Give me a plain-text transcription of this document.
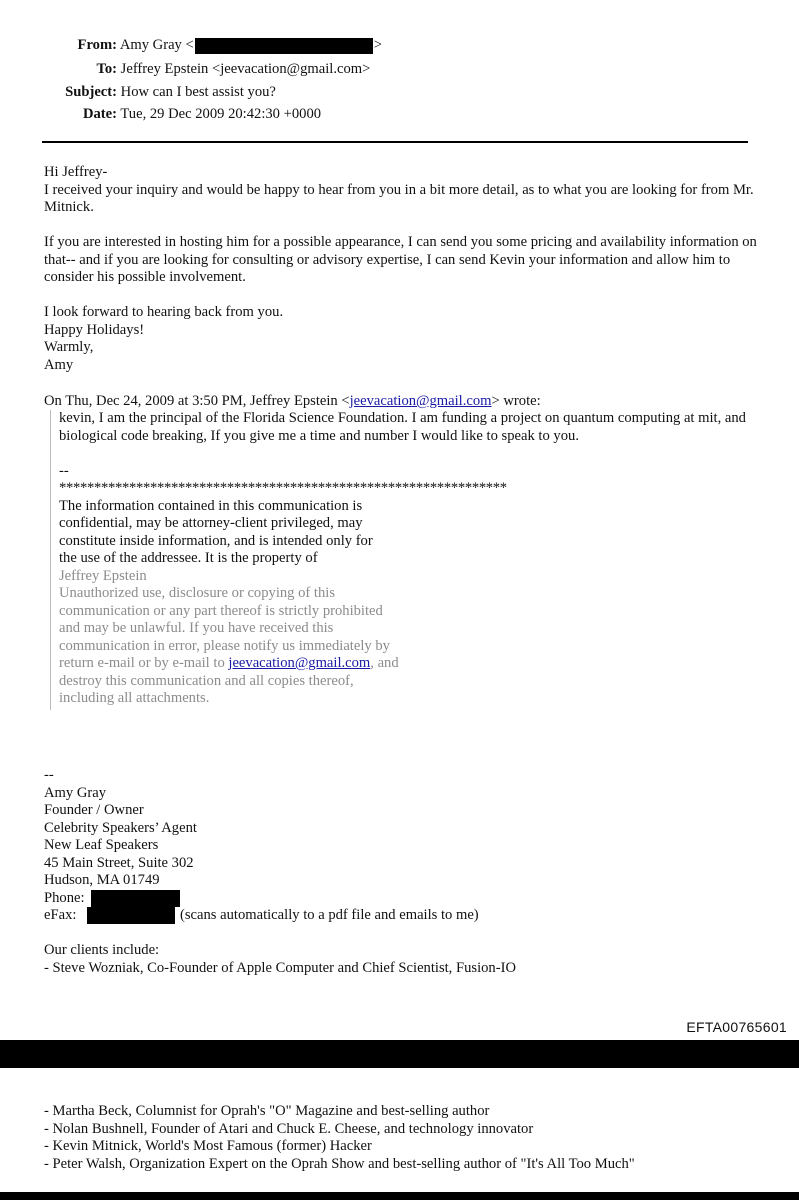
From: Amy Gray <	>
To: Jeffrey Epstein <jeevacation@gmail.com>
Subject: How can I best assist you?
Date: Tue, 29 Dec 2009 20:42:30 +0000

Hi Jeffrey-

I received your inquiry and would be happy to hear from you in a bit more detail, as to what you are looking for from Mr. Mitnick.

If you are interested in hosting him for a possible appearance, I can send you some pricing and availability information on that-- and if you are looking for consulting or advisory expertise, I can send Kevin your information and allow him to consider his possible involvement.

I look forward to hearing back from you.

Happy Holidays!

Warmly,

Amy

On Thu, Dec 24, 2009 at 3:50 PM, Jeffrey Epstein <jeevacation@gmail.com> wrote:

kevin, I am the principal of the Florida Science Foundation. I am funding a project on quantum computing at mit, and biological code breaking, If you give me a time and number I would like to speak to you.

--

****************************************************************

The information contained in this communication is

confidential, may be attorney-client privileged, may

constitute inside information, and is intended only for

the use of the addressee. It is the property of

Jeffrey Epstein

Unauthorized use, disclosure or copying of this

communication or any part thereof is strictly prohibited

and may be unlawful. If you have received this

communication in error, please notify us immediately by

return e-mail or by e-mail to jeevacation@gmail.com, and

destroy this communication and all copies thereof,

including all attachments.

--

Amy Gray

Founder / Owner

Celebrity Speakers’ Agent

New Leaf Speakers

45 Main Street, Suite 302

Hudson, MA 01749

Phone:

eFax:	(scans automatically to a pdf file and emails to me)

Our clients include:

- Steve Wozniak, Co-Founder of Apple Computer and Chief Scientist, Fusion-IO

EFTA00765601

- Martha Beck, Columnist for Oprah's "O" Magazine and best-selling author

- Nolan Bushnell, Founder of Atari and Chuck E. Cheese, and technology innovator

- Kevin Mitnick, World's Most Famous (former) Hacker

- Peter Walsh, Organization Expert on the Oprah Show and best-selling author of "It's All Too Much"
